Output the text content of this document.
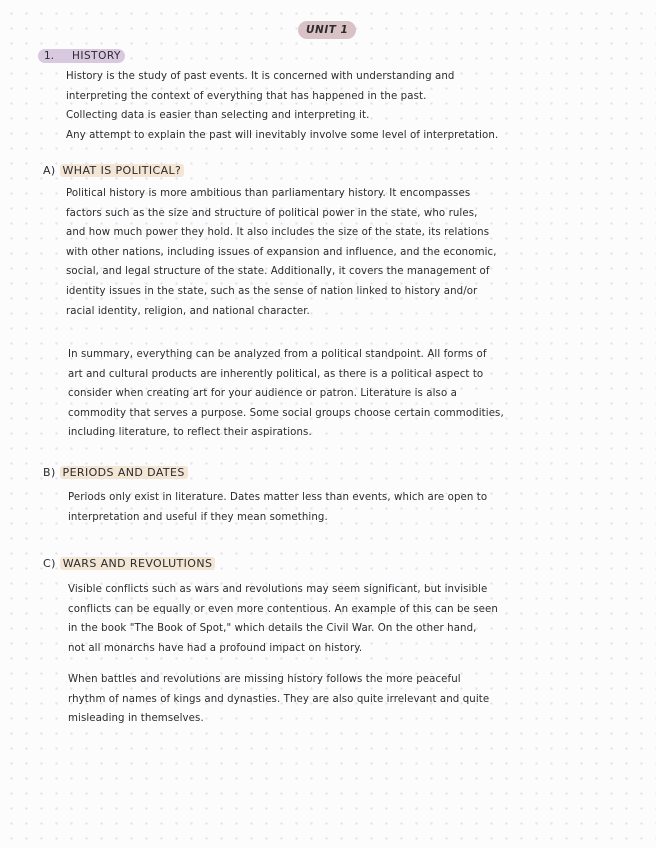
UNIT 1
1.	HISTORY
History is the study of past events. It is concerned with understanding and
interpreting the context of everything that has happened in the past.
Collecting data is easier than selecting and interpreting it.
Any attempt to explain the past will inevitably involve some level of interpretation.
A) WHAT IS POLITICAL?
Political history is more ambitious than parliamentary history. It encompasses
factors such as the size and structure of political power in the state, who rules,
and how much power they hold. It also includes the size of the state, its relations
with other nations, including issues of expansion and influence, and the economic,
social, and legal structure of the state. Additionally, it covers the management of
identity issues in the state, such as the sense of nation linked to history and/or
racial identity, religion, and national character.
In summary, everything can be analyzed from a political standpoint. All forms of
art and cultural products are inherently political, as there is a political aspect to
consider when creating art for your audience or patron. Literature is also a
commodity that serves a purpose. Some social groups choose certain commodities,
including literature, to reflect their aspirations.
B) PERIODS AND DATES
Periods only exist in literature. Dates matter less than events, which are open to
interpretation and useful if they mean something.
C) WARS AND REVOLUTIONS
Visible conflicts such as wars and revolutions may seem significant, but invisible
conflicts can be equally or even more contentious. An example of this can be seen
in the book "The Book of Spot," which details the Civil War. On the other hand,
not all monarchs have had a profound impact on history.
When battles and revolutions are missing history follows the more peaceful
rhythm of names of kings and dynasties. They are also quite irrelevant and quite
misleading in themselves.
